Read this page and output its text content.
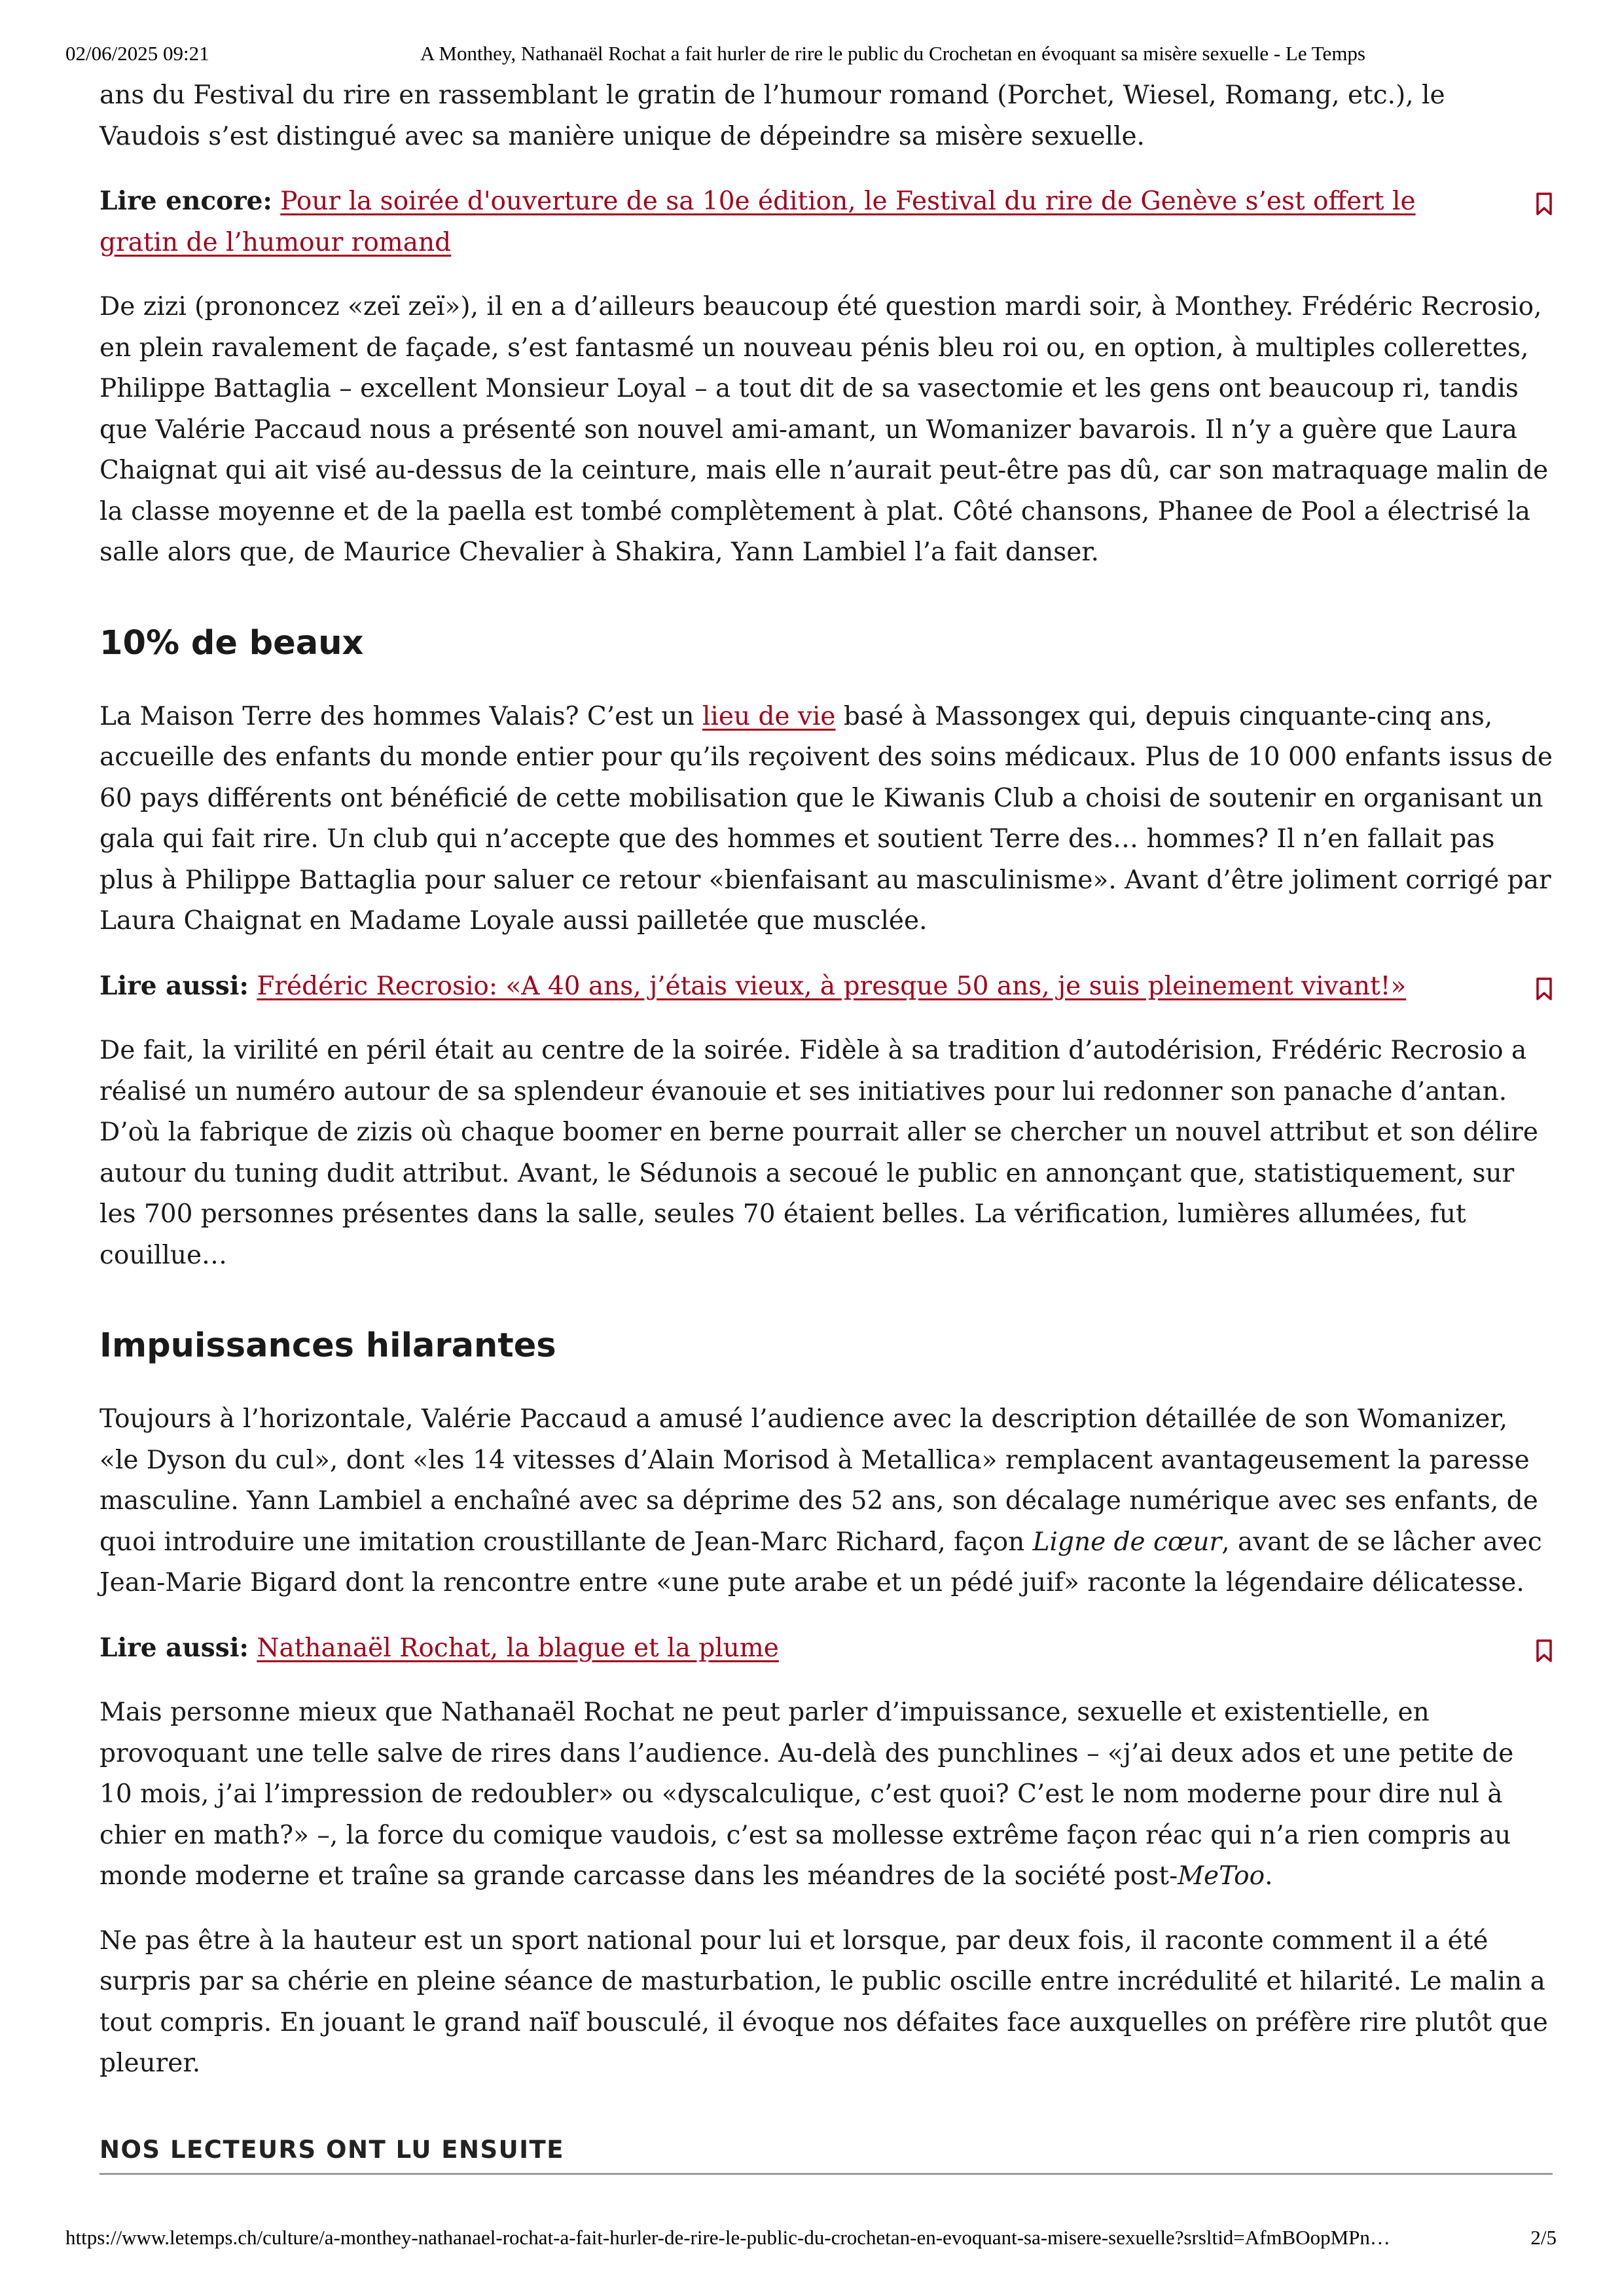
02/06/2025 09:21	A Monthey, Nathanaël Rochat a fait hurler de rire le public du Crochetan en évoquant sa misère sexuelle - Le Temps

ans du Festival du rire en rassemblant le gratin de l’humour romand (Porchet, Wiesel, Romang, etc.), le Vaudois s’est distingué avec sa manière unique de dépeindre sa misère sexuelle.

Lire encore: Pour la soirée d'ouverture de sa 10e édition, le Festival du rire de Genève s’est offert le gratin de l’humour romand

De zizi (prononcez «zeï zeï»), il en a d’ailleurs beaucoup été question mardi soir, à Monthey. Frédéric Recrosio, en plein ravalement de façade, s’est fantasmé un nouveau pénis bleu roi ou, en option, à multiples collerettes, Philippe Battaglia – excellent Monsieur Loyal – a tout dit de sa vasectomie et les gens ont beaucoup ri, tandis que Valérie Paccaud nous a présenté son nouvel ami-amant, un Womanizer bavarois. Il n’y a guère que Laura Chaignat qui ait visé au-dessus de la ceinture, mais elle n’aurait peut-être pas dû, car son matraquage malin de la classe moyenne et de la paella est tombé complètement à plat. Côté chansons, Phanee de Pool a électrisé la salle alors que, de Maurice Chevalier à Shakira, Yann Lambiel l’a fait danser.

10% de beaux

La Maison Terre des hommes Valais? C’est un lieu de vie basé à Massongex qui, depuis cinquante-cinq ans, accueille des enfants du monde entier pour qu’ils reçoivent des soins médicaux. Plus de 10 000 enfants issus de 60 pays différents ont bénéficié de cette mobilisation que le Kiwanis Club a choisi de soutenir en organisant un gala qui fait rire. Un club qui n’accepte que des hommes et soutient Terre des… hommes? Il n’en fallait pas plus à Philippe Battaglia pour saluer ce retour «bienfaisant au masculinisme». Avant d’être joliment corrigé par Laura Chaignat en Madame Loyale aussi pailletée que musclée.

Lire aussi: Frédéric Recrosio: «A 40 ans, j’étais vieux, à presque 50 ans, je suis pleinement vivant!»

De fait, la virilité en péril était au centre de la soirée. Fidèle à sa tradition d’autodérision, Frédéric Recrosio a réalisé un numéro autour de sa splendeur évanouie et ses initiatives pour lui redonner son panache d’antan. D’où la fabrique de zizis où chaque boomer en berne pourrait aller se chercher un nouvel attribut et son délire autour du tuning dudit attribut. Avant, le Sédunois a secoué le public en annonçant que, statistiquement, sur les 700 personnes présentes dans la salle, seules 70 étaient belles. La vérification, lumières allumées, fut couillue…

Impuissances hilarantes

Toujours à l’horizontale, Valérie Paccaud a amusé l’audience avec la description détaillée de son Womanizer, «le Dyson du cul», dont «les 14 vitesses d’Alain Morisod à Metallica» remplacent avantageusement la paresse masculine. Yann Lambiel a enchaîné avec sa déprime des 52 ans, son décalage numérique avec ses enfants, de quoi introduire une imitation croustillante de Jean-Marc Richard, façon Ligne de cœur, avant de se lâcher avec Jean-Marie Bigard dont la rencontre entre «une pute arabe et un pédé juif» raconte la légendaire délicatesse.

Lire aussi: Nathanaël Rochat, la blague et la plume

Mais personne mieux que Nathanaël Rochat ne peut parler d’impuissance, sexuelle et existentielle, en provoquant une telle salve de rires dans l’audience. Au-delà des punchlines – «j’ai deux ados et une petite de 10 mois, j’ai l’impression de redoubler» ou «dyscalculique, c’est quoi? C’est le nom moderne pour dire nul à chier en math?» –, la force du comique vaudois, c’est sa mollesse extrême façon réac qui n’a rien compris au monde moderne et traîne sa grande carcasse dans les méandres de la société post-MeToo.

Ne pas être à la hauteur est un sport national pour lui et lorsque, par deux fois, il raconte comment il a été surpris par sa chérie en pleine séance de masturbation, le public oscille entre incrédulité et hilarité. Le malin a tout compris. En jouant le grand naïf bousculé, il évoque nos défaites face auxquelles on préfère rire plutôt que pleurer.

NOS LECTEURS ONT LU ENSUITE
https://www.letemps.ch/culture/a-monthey-nathanael-rochat-a-fait-hurler-de-rire-le-public-du-crochetan-en-evoquant-sa-misere-sexuelle?srsltid=AfmBOopMPn…	2/5
